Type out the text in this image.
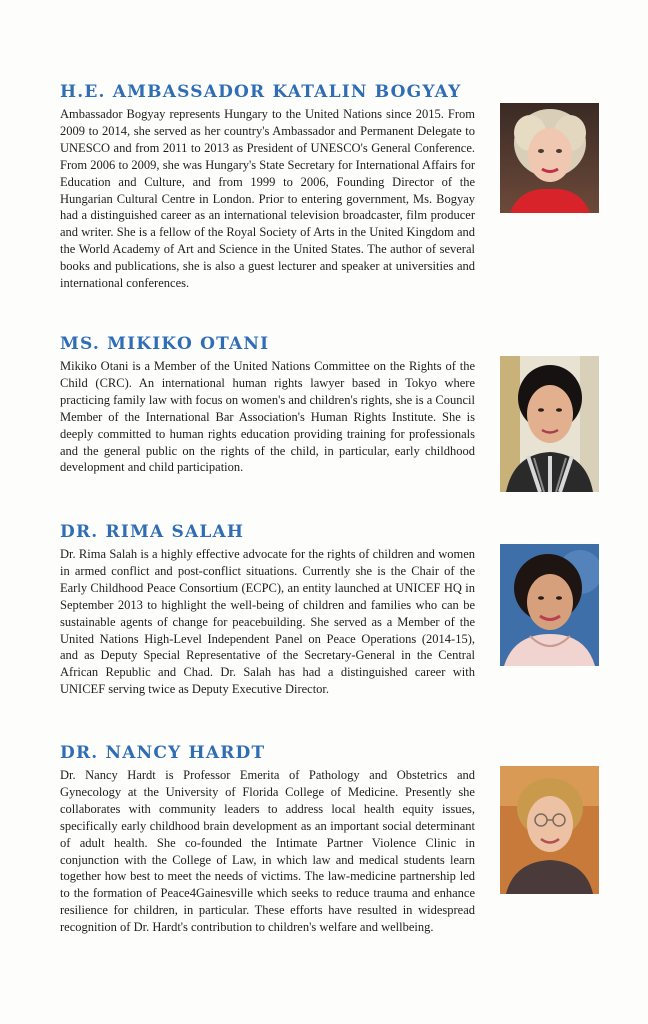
H.E. AMBASSADOR KATALIN BOGYAY

Ambassador Bogyay represents Hungary to the United Nations since 2015. From 2009 to 2014, she served as her country's Ambassador and Permanent Delegate to UNESCO and from 2011 to 2013 as President of UNESCO's General Conference. From 2006 to 2009, she was Hungary's State Secretary for International Affairs for Education and Culture, and from 1999 to 2006, Founding Director of the Hungarian Cultural Centre in London. Prior to entering government, Ms. Bogyay had a distinguished career as an international television broadcaster, film producer and writer. She is a fellow of the Royal Society of Arts in the United Kingdom and the World Academy of Art and Science in the United States. The author of several books and publications, she is also a guest lecturer and speaker at universities and international conferences.

MS. MIKIKO OTANI

Mikiko Otani is a Member of the United Nations Committee on the Rights of the Child (CRC). An international human rights lawyer based in Tokyo where practicing family law with focus on women's and children's rights, she is a Council Member of the International Bar Association's Human Rights Institute. She is deeply committed to human rights education providing training for professionals and the general public on the rights of the child, in particular, early childhood development and child participation.

DR. RIMA SALAH

Dr. Rima Salah is a highly effective advocate for the rights of children and women in armed conflict and post-conflict situations. Currently she is the Chair of the Early Childhood Peace Consortium (ECPC), an entity launched at UNICEF HQ in September 2013 to highlight the well-being of children and families who can be sustainable agents of change for peacebuilding. She served as a Member of the United Nations High-Level Independent Panel on Peace Operations (2014-15), and as Deputy Special Representative of the Secretary-General in the Central African Republic and Chad. Dr. Salah has had a distinguished career with UNICEF serving twice as Deputy Executive Director.

DR. NANCY HARDT

Dr. Nancy Hardt is Professor Emerita of Pathology and Obstetrics and Gynecology at the University of Florida College of Medicine. Presently she collaborates with community leaders to address local health equity issues, specifically early childhood brain development as an important social determinant of adult health. She co-founded the Intimate Partner Violence Clinic in conjunction with the College of Law, in which law and medical students learn together how best to meet the needs of victims. The law-medicine partnership led to the formation of Peace4Gainesville which seeks to reduce trauma and enhance resilience for children, in particular. These efforts have resulted in widespread recognition of Dr. Hardt's contribution to children's welfare and wellbeing.
